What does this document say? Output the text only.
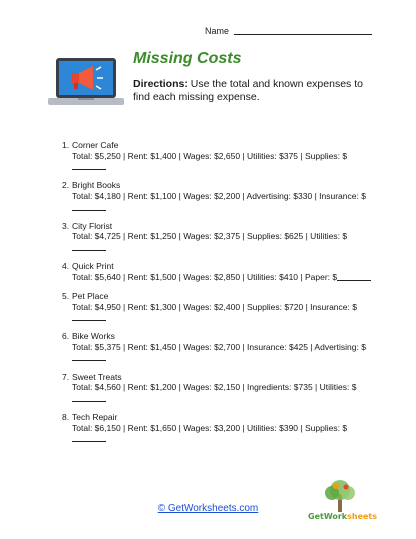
Name
Missing Costs
Directions: Use the total and known expenses to find each missing expense.
1. Corner Cafe
Total: $5,250 | Rent: $1,400 | Wages: $2,650 | Utilities: $375 | Supplies: $
2. Bright Books
Total: $4,180 | Rent: $1,100 | Wages: $2,200 | Advertising: $330 | Insurance: $
3. City Florist
Total: $4,725 | Rent: $1,250 | Wages: $2,375 | Supplies: $625 | Utilities: $
4. Quick Print
Total: $5,640 | Rent: $1,500 | Wages: $2,850 | Utilities: $410 | Paper: $
5. Pet Place
Total: $4,950 | Rent: $1,300 | Wages: $2,400 | Supplies: $720 | Insurance: $
6. Bike Works
Total: $5,375 | Rent: $1,450 | Wages: $2,700 | Insurance: $425 | Advertising: $
7. Sweet Treats
Total: $4,560 | Rent: $1,200 | Wages: $2,150 | Ingredients: $735 | Utilities: $
8. Tech Repair
Total: $6,150 | Rent: $1,650 | Wages: $3,200 | Utilities: $390 | Supplies: $
© GetWorksheets.com
GetWorksheets
